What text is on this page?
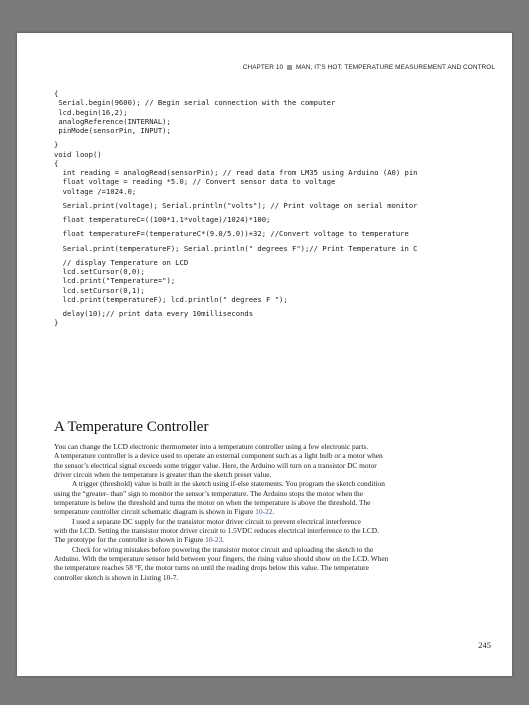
CHAPTER 10 MAN, IT'S HOT: TEMPERATURE MEASUREMENT AND CONTROL
{
Serial.begin(9600); // Begin serial connection with the computer
lcd.begin(16,2);
analogReference(INTERNAL);
pinMode(sensorPin, INPUT);
}
void loop()
{
int reading = analogRead(sensorPin); // read data from LM35 using Arduino (A0) pin
float voltage = reading *5.0; // Convert sensor data to voltage
voltage /=1024.0;
Serial.print(voltage); Serial.println("volts"); // Print voltage on serial monitor
float temperatureC=((100*1.1*voltage)/1024)*100;
float temperatureF=(temperatureC*(9.0/5.0))+32; //Convert voltage to temperature
Serial.print(temperatureF); Serial.println(" degrees F");// Print Temperature in C
// display Temperature on LCD
lcd.setCursor(0,0);
lcd.print("Temperature=");
lcd.setCursor(0,1);
lcd.print(temperatureF); lcd.println(" degrees F ");
delay(10);// print data every 10milliseconds
}
A Temperature Controller
You can change the LCD electronic thermometer into a temperature controller using a few electronic parts.
A temperature controller is a device used to operate an external component such as a light bulb or a motor when
the sensor’s electrical signal exceeds some trigger value. Here, the Arduino will turn on a transistor DC motor
driver circuit when the temperature is greater than the sketch preset value.
A trigger (threshold) value is built in the sketch using if-else statements. You program the sketch condition
using the “greater- than” sign to monitor the sensor’s temperature. The Arduino stops the motor when the
temperature is below the threshold and turns the motor on when the temperature is above the threshold. The
temperature controller circuit schematic diagram is shown in Figure 10-22.
I used a separate DC supply for the transistor motor driver circuit to prevent electrical interference
with the LCD. Setting the transistor motor driver circuit to 1.5VDC reduces electrical interference to the LCD.
The prototype for the controller is shown in Figure 10-23.
Check for wiring mistakes before powering the transistor motor circuit and uploading the sketch to the
Arduino. With the temperature sensor held between your fingers, the rising value should show on the LCD. When
the temperature reaches 58 °F, the motor turns on until the reading drops below this value. The temperature
controller sketch is shown in Listing 10-7.
245
